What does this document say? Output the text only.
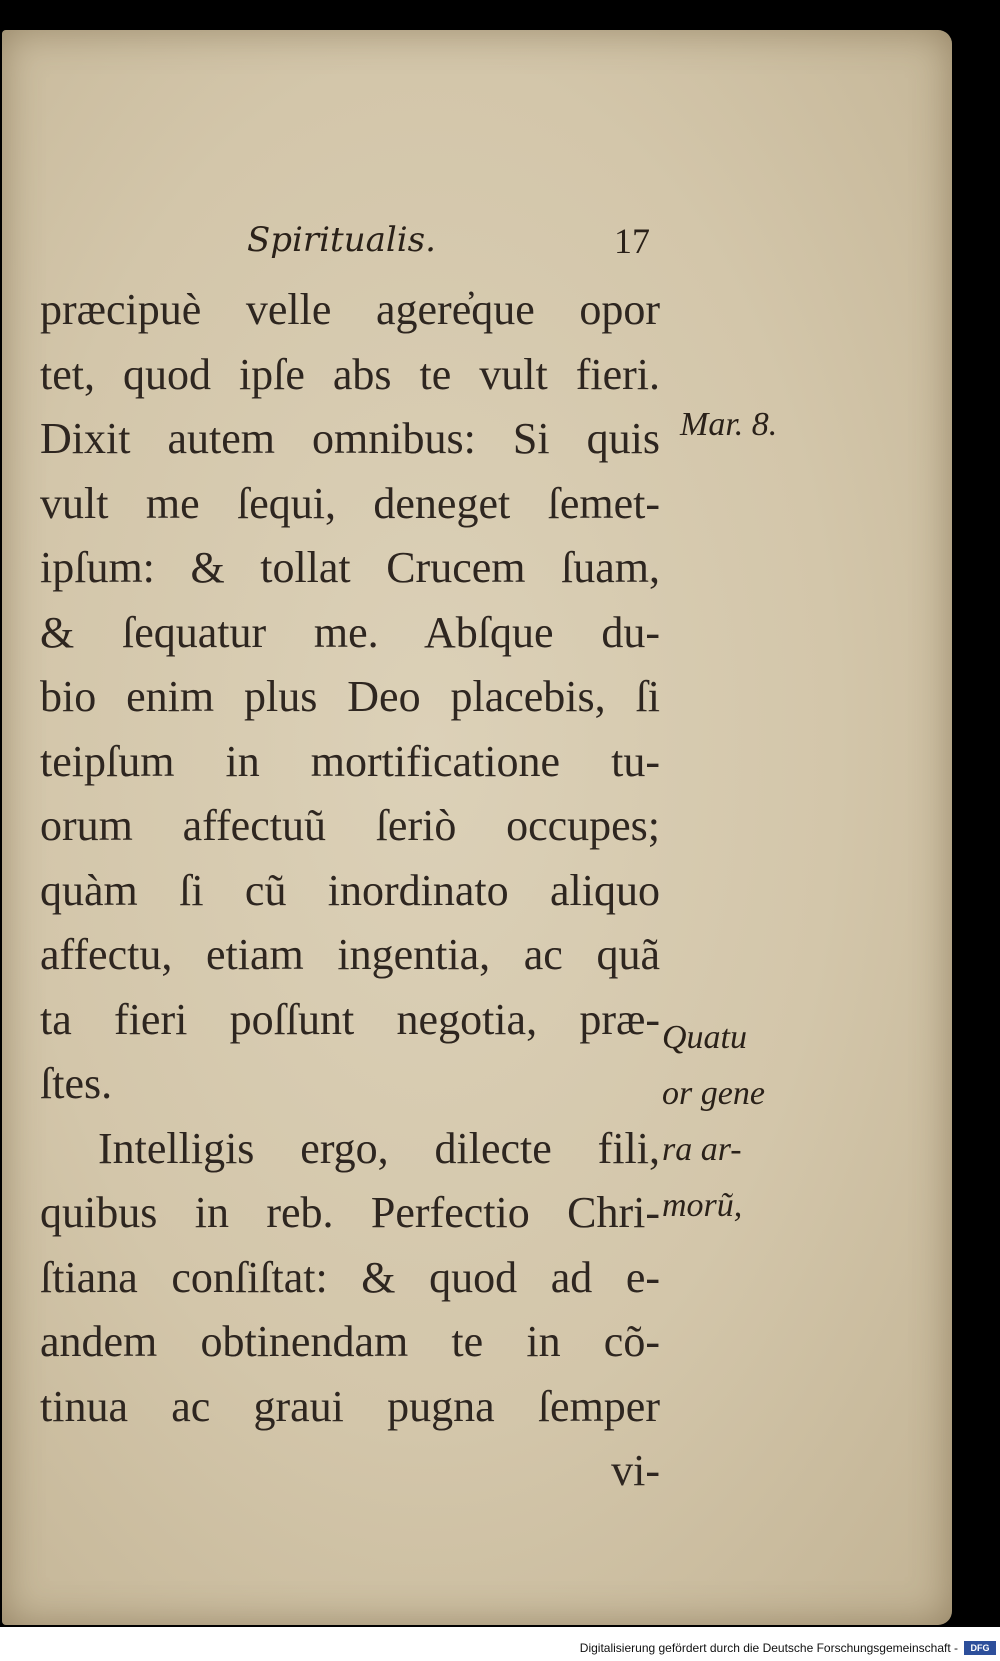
Spiritualis.	17
præcipuè velle agere̓que opor
tet, quod ipſe abs te vult fieri.
Dixit autem omnibus: Si quis
vult me ſequi, deneget ſemet-
ipſum: & tollat Crucem ſuam,
& ſequatur me. Abſque du-
bio enim plus Deo placebis, ſi
teipſum in mortificatione tu-
orum affectuũ ſeriò occupes;
quàm ſi cũ inordinato aliquo
affectu, etiam ingentia, ac quã
ta fieri poſſunt negotia, præ-
ſtes.
Intelligis ergo, dilecte fili,
quibus in reb. Perfectio Chri-
ſtiana conſiſtat: & quod ad e-
andem obtinendam te in cõ-
tinua ac graui pugna ſemper
vi-
Mar. 8.
Quatu
or gene
ra ar-
morũ,
Digitalisierung gefördert durch die Deutsche Forschungsgemeinschaft -	DFG
